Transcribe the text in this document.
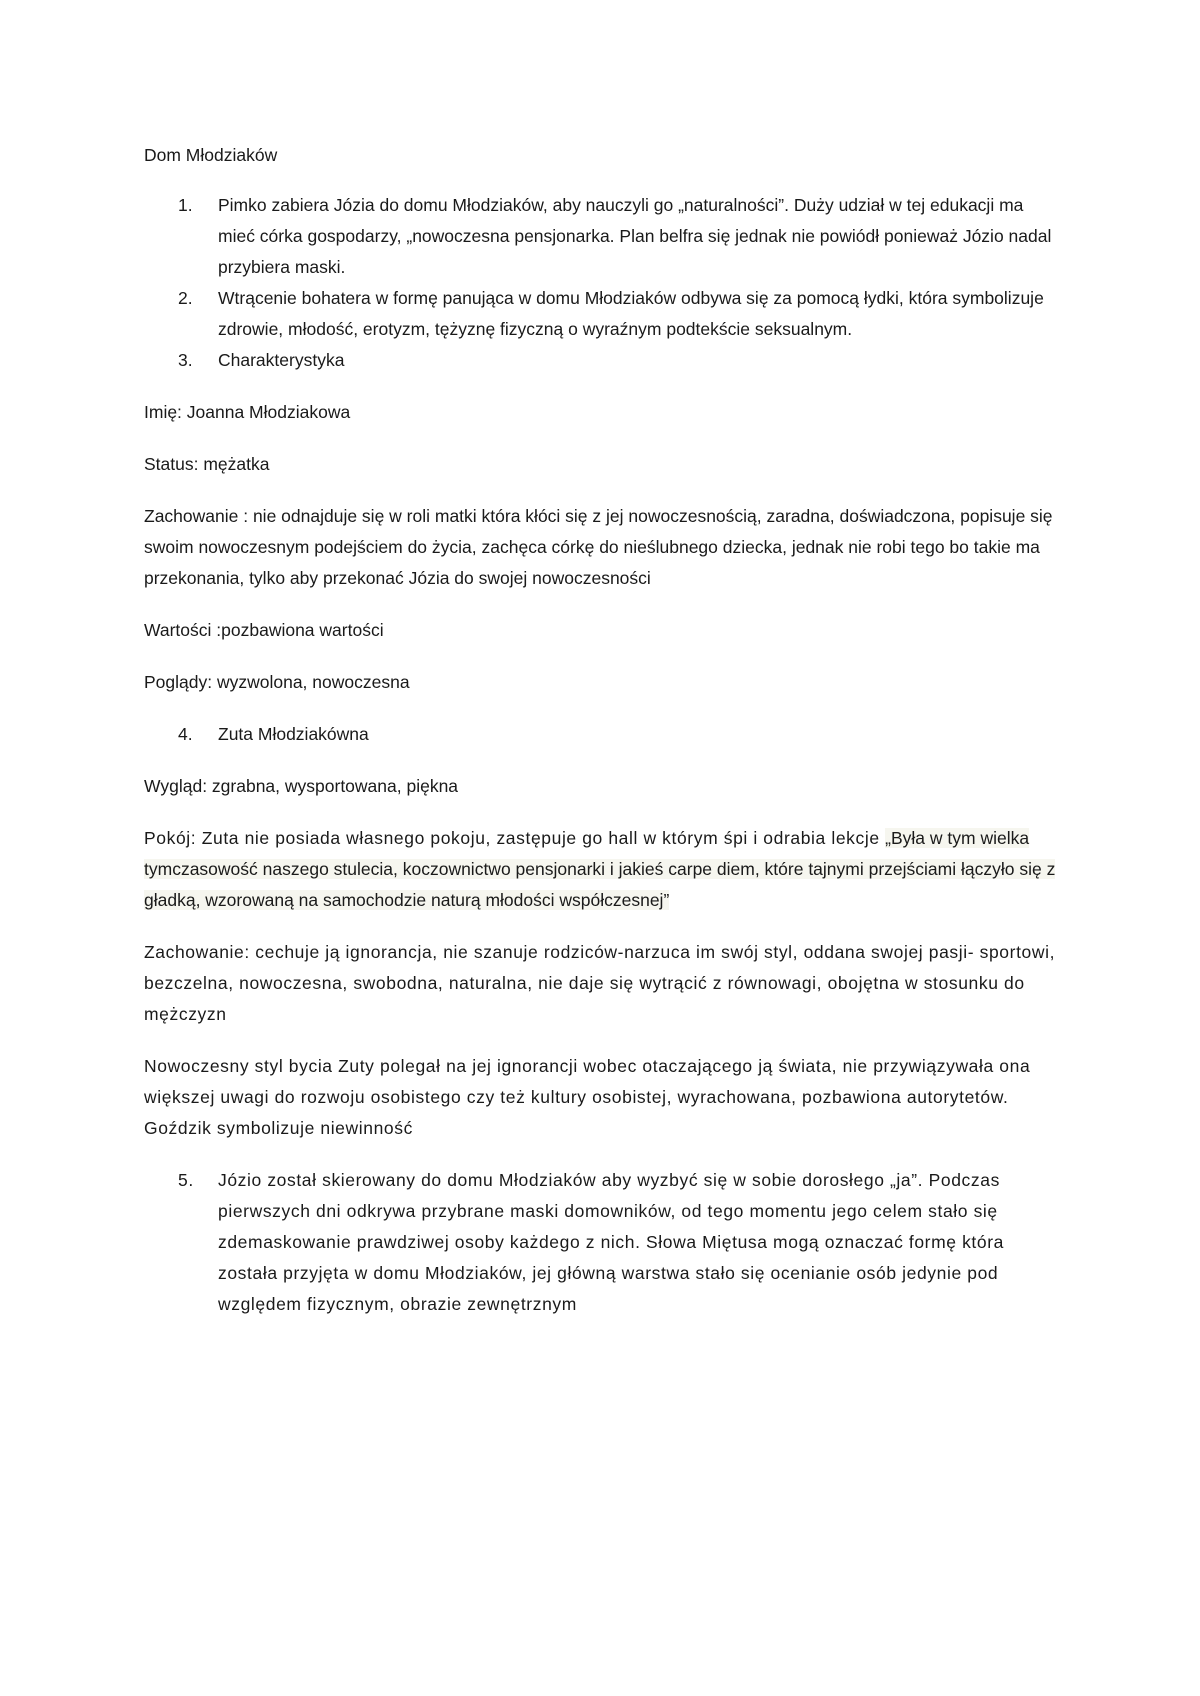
Dom Młodziaków

1. Pimko zabiera Józia do domu Młodziaków, aby nauczyli go „naturalności”. Duży udział w tej edukacji ma mieć córka gospodarzy, „nowoczesna pensjonarka. Plan belfra się jednak nie powiódł ponieważ Józio nadal przybiera maski.
2. Wtrącenie bohatera w formę panująca w domu Młodziaków odbywa się za pomocą łydki, która symbolizuje zdrowie, młodość, erotyzm, tężyznę fizyczną o wyraźnym podtekście seksualnym.
3. Charakterystyka

Imię: Joanna Młodziakowa

Status: mężatka

Zachowanie : nie odnajduje się w roli matki która kłóci się z jej nowoczesnością, zaradna, doświadczona, popisuje się swoim nowoczesnym podejściem do życia, zachęca córkę do nieślubnego dziecka, jednak nie robi tego bo takie ma przekonania, tylko aby przekonać Józia do swojej nowoczesności

Wartości :pozbawiona wartości

Poglądy: wyzwolona, nowoczesna

4. Zuta Młodziakówna

Wygląd: zgrabna, wysportowana, piękna

Pokój: Zuta nie posiada własnego pokoju, zastępuje go hall w którym śpi i odrabia lekcje „Była w tym wielka tymczasowość naszego stulecia, koczownictwo pensjonarki i jakieś carpe diem, które tajnymi przejściami łączyło się z gładką, wzorowaną na samochodzie naturą młodości współczesnej”

Zachowanie: cechuje ją ignorancja, nie szanuje rodziców-narzuca im swój styl, oddana swojej pasji- sportowi, bezczelna, nowoczesna, swobodna, naturalna, nie daje się wytrącić z równowagi, obojętna w stosunku do mężczyzn

Nowoczesny styl bycia Zuty polegał na jej ignorancji wobec otaczającego ją świata, nie przywiązywała ona większej uwagi do rozwoju osobistego czy też kultury osobistej, wyrachowana, pozbawiona autorytetów. Goździk symbolizuje niewinność

5. Józio został skierowany do domu Młodziaków aby wyzbyć się w sobie dorosłego „ja”. Podczas pierwszych dni odkrywa przybrane maski domowników, od tego momentu jego celem stało się zdemaskowanie prawdziwej osoby każdego z nich. Słowa Miętusa mogą oznaczać formę która została przyjęta w domu Młodziaków, jej główną warstwa stało się ocenianie osób jedynie pod względem fizycznym, obrazie zewnętrznym
